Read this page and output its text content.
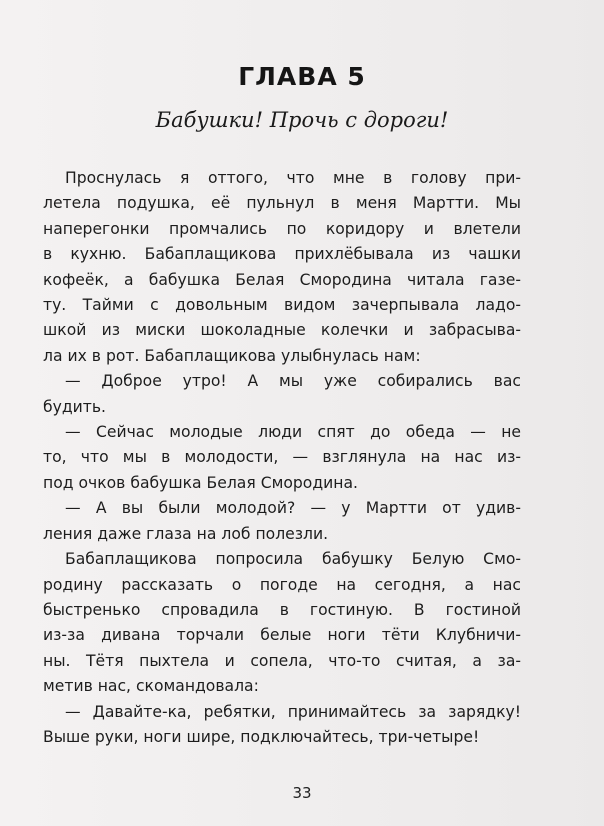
ГЛАВА 5
Бабушки! Прочь с дороги!

Проснулась я оттого, что мне в голову при-
летела подушка, её пульнул в меня Мартти. Мы
наперегонки промчались по коридору и влетели
в кухню. Бабаплащикова прихлёбывала из чашки
кофеёк, а бабушка Белая Смородина читала газе-
ту. Тайми с довольным видом зачерпывала ладо-
шкой из миски шоколадные колечки и забрасыва-
ла их в рот. Бабаплащикова улыбнулась нам:

— Доброе утро! А мы уже собирались вас
будить.

— Сейчас молодые люди спят до обеда — не
то, что мы в молодости, — взглянула на нас из-
под очков бабушка Белая Смородина.

— А вы были молодой? — у Мартти от удив-
ления даже глаза на лоб полезли.

Бабаплащикова попросила бабушку Белую Смо-
родину рассказать о погоде на сегодня, а нас
быстренько спровадила в гостиную. В гостиной
из-за дивана торчали белые ноги тёти Клубничи-
ны. Тётя пыхтела и сопела, что-то считая, а за-
метив нас, скомандовала:

— Давайте-ка, ребятки, принимайтесь за зарядку!
Выше руки, ноги шире, подключайтесь, три-четыре!

33
